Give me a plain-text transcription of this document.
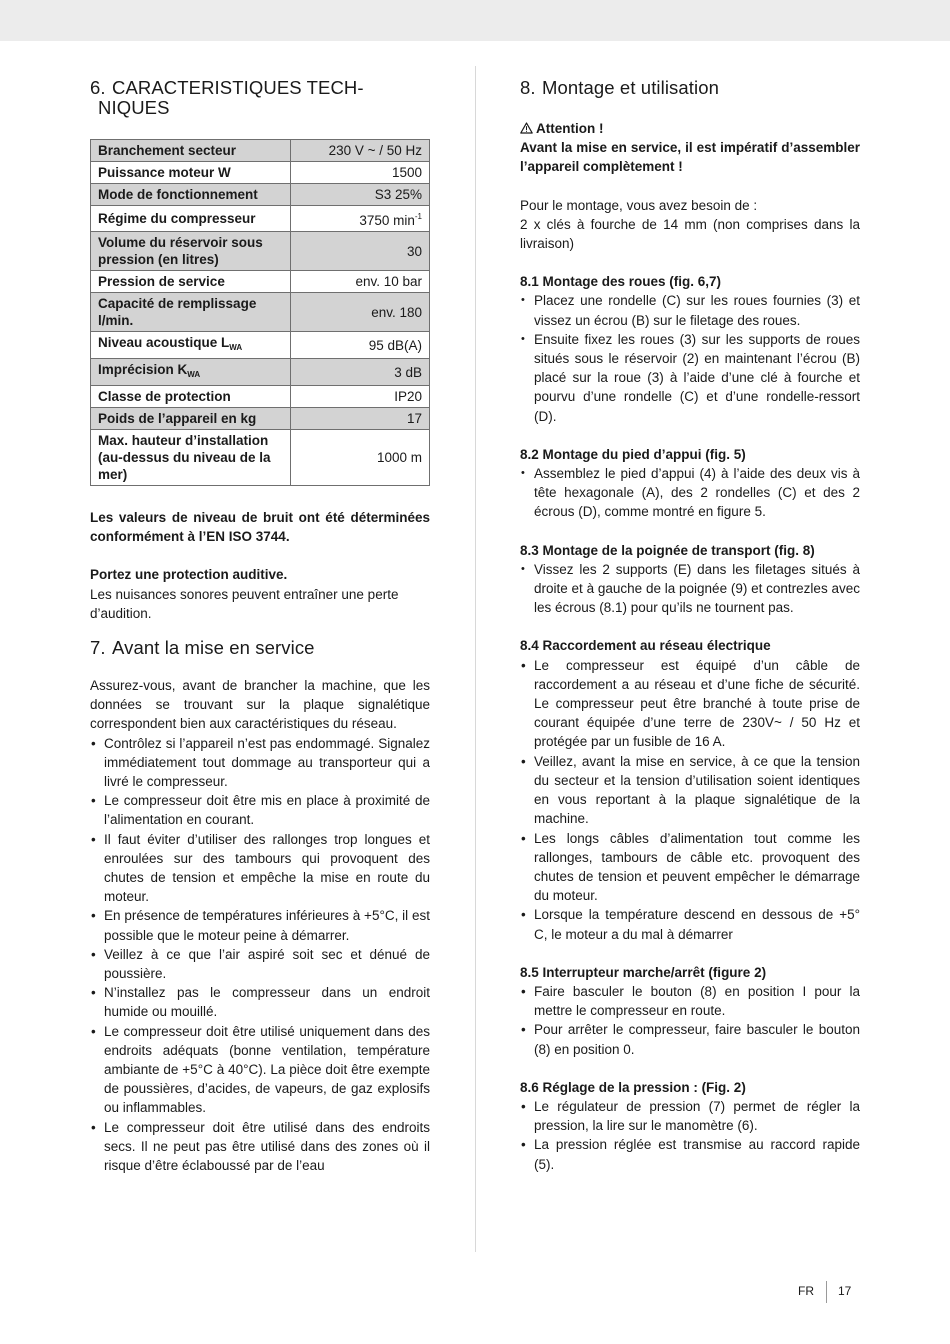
6. CARACTERISTIQUES TECH-
NIQUES
Branchement secteur	230 V ~ / 50 Hz
Puissance moteur W	1500
Mode de fonctionnement	S3 25%
Régime du compresseur	3750 $\min^{-1}$
Volume du réservoir sous pression (en litres)	30
Pression de service	env. 10 bar
Capacité de remplissage l/min.	env. 180
Niveau acoustique $L_{WA}$	95 dB(A)
Imprécision $K_{WA}$	3 dB
Classe de protection	IP20
Poids de l’appareil en kg	17
Max. hauteur d’installation (au-dessus du niveau de la mer)	1000 m

Les valeurs de niveau de bruit ont été déterminées conformément à l’EN ISO 3744.

Portez une protection auditive.

Les nuisances sonores peuvent entraîner une perte d’audition.

7. Avant la mise en service

Assurez-vous, avant de brancher la machine, que les données se trouvant sur la plaque signalétique correspondent bien aux caractéristiques du réseau.

• Contrôlez si l’appareil n’est pas endommagé. Signalez immédiatement tout dommage au transporteur qui a livré le compresseur.
• Le compresseur doit être mis en place à proximité de l’alimentation en courant.
• Il faut éviter d’utiliser des rallonges trop longues et enroulées sur des tambours qui provoquent des chutes de tension et empêche la mise en route du moteur.
• En présence de températures inférieures à +5°C, il est possible que le moteur peine à démarrer.
• Veillez à ce que l’air aspiré soit sec et dénué de poussière.
• N’installez pas le compresseur dans un endroit humide ou mouillé.
• Le compresseur doit être utilisé uniquement dans des endroits adéquats (bonne ventilation, température ambiante de +5°C à 40°C). La pièce doit être exempte de poussières, d’acides, de vapeurs, de gaz explosifs ou inflammables.
• Le compresseur doit être utilisé dans des endroits secs. Il ne peut pas être utilisé dans des zones où il risque d’être éclaboussé par de l’eau
8. Montage et utilisation

Attention !

Avant la mise en service, il est impératif d’assembler l’appareil complètement !

Pour le montage, vous avez besoin de :

2 x clés à fourche de 14 mm (non comprises dans la livraison)

8.1 Montage des roues (fig. 6,7)

• Placez une rondelle (C) sur les roues fournies (3) et vissez un écrou (B) sur le filetage des roues.
• Ensuite fixez les roues (3) sur les supports de roues situés sous le réservoir (2) en maintenant l’écrou (B) placé sur la roue (3) à l’aide d’une clé à fourche et pourvu d’une rondelle (C) et d’une rondelle-ressort (D).

8.2 Montage du pied d’appui (fig. 5)

• Assemblez le pied d’appui (4) à l’aide des deux vis à tête hexagonale (A), des 2 rondelles (C) et des 2 écrous (D), comme montré en figure 5.

8.3 Montage de la poignée de transport (fig. 8)

• Vissez les 2 supports (E) dans les filetages situés à droite et à gauche de la poignée (9) et contrezles avec les écrous (8.1) pour qu’ils ne tournent pas.

8.4 Raccordement au réseau électrique

• Le compresseur est équipé d’un câble de raccordement a au réseau et d’une fiche de sécurité. Le compresseur peut être branché à toute prise de courant équipée d’une terre de 230V~ / 50 Hz et protégée par un fusible de 16 A.
• Veillez, avant la mise en service, à ce que la tension du secteur et la tension d’utilisation soient identiques en vous reportant à la plaque signalétique de la machine.
• Les longs câbles d’alimentation tout comme les rallonges, tambours de câble etc. provoquent des chutes de tension et peuvent empêcher le démarrage du moteur.
• Lorsque la température descend en dessous de +5° C, le moteur a du mal à démarrer

8.5 Interrupteur marche/arrêt (figure 2)

• Faire basculer le bouton (8) en position I pour la mettre le compresseur en route.
• Pour arrêter le compresseur, faire basculer le bouton (8) en position 0.

8.6 Réglage de la pression : (Fig. 2)

• Le régulateur de pression (7) permet de régler la pression, la lire sur le manomètre (6).
• La pression réglée est transmise au raccord rapide (5).
FR 17
